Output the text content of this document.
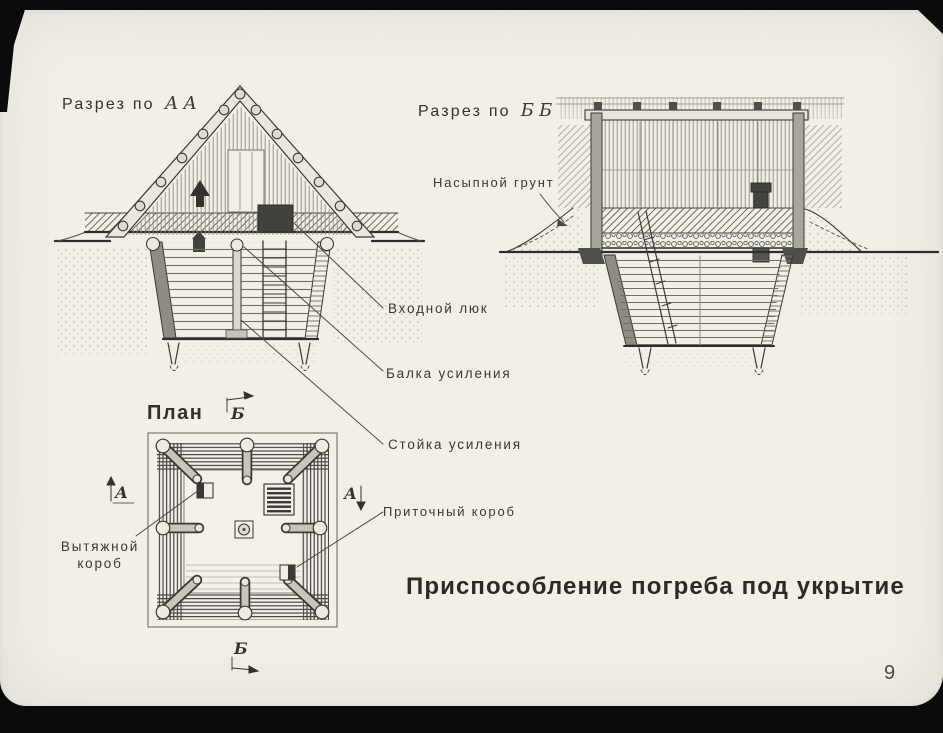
Разрез по АА	Разрез по ББ
Насыпной грунт
Входной люк
Балка усиления
Стойка усиления
План
Вытяжной
короб
Приточный короб
Приспособление погреба под укрытие
9
Б
Б
А	А
